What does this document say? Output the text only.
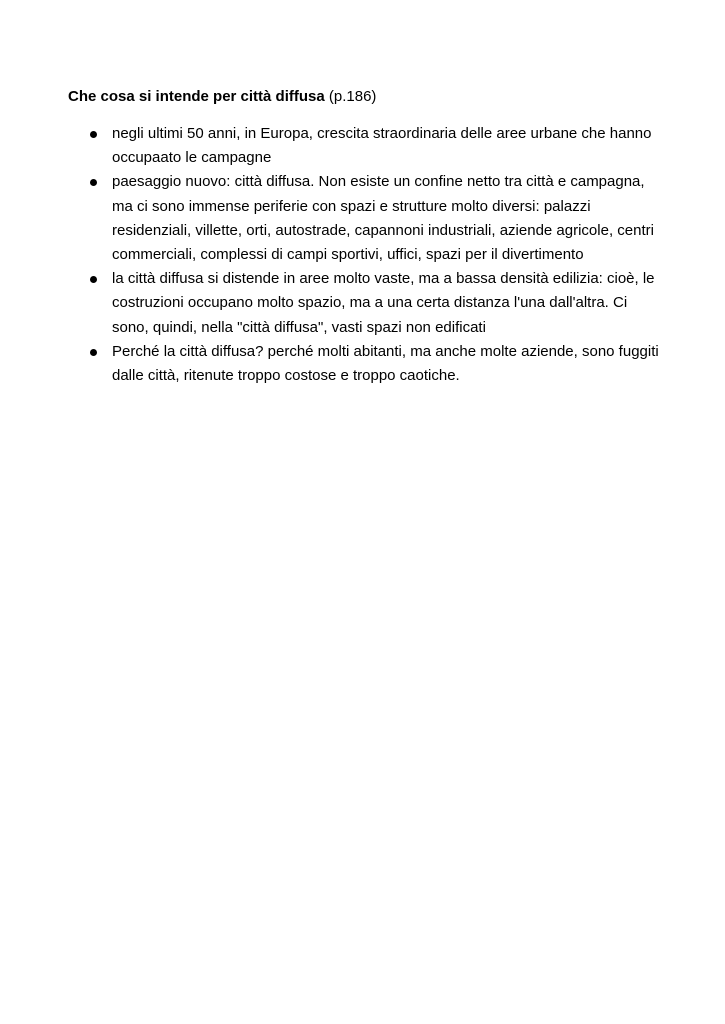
Che cosa si intende per città diffusa (p.186)

negli ultimi 50 anni, in Europa, crescita straordinaria delle aree urbane che hanno occupaato le campagne
paesaggio nuovo: città diffusa. Non esiste un confine netto tra città e campagna, ma ci sono immense periferie con spazi e strutture molto diversi: palazzi residenziali, villette, orti, autostrade, capannoni industriali, aziende agricole, centri commerciali, complessi di campi sportivi, uffici, spazi per il divertimento
la città diffusa si distende in aree molto vaste, ma a bassa densità edilizia: cioè, le costruzioni occupano molto spazio, ma a una certa distanza l'una dall'altra. Ci sono, quindi, nella "città diffusa", vasti spazi non edificati
Perché la città diffusa? perché molti abitanti, ma anche molte aziende, sono fuggiti  dalle città, ritenute troppo costose e troppo caotiche.
